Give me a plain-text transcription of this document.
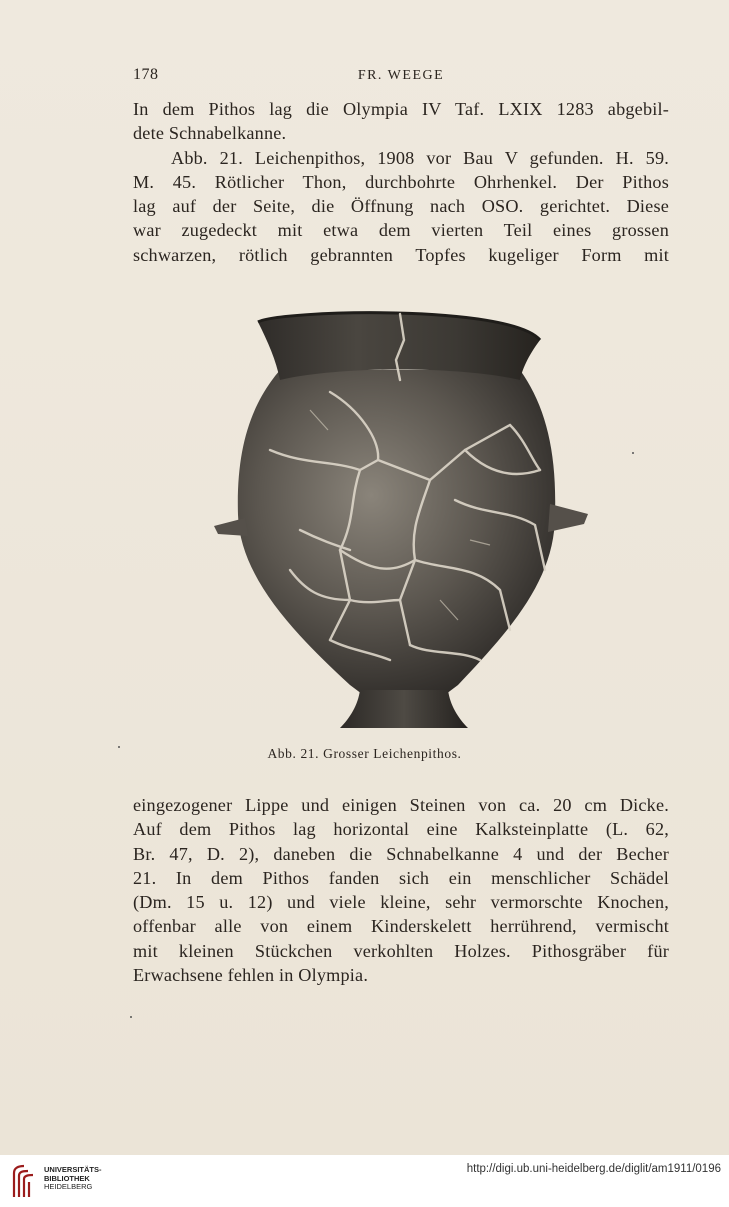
178	FR. WEEGE
In dem Pithos lag die Olympia IV Taf. LXIX 1283 abgebil-
dete Schnabelkanne.
Abb. 21. Leichenpithos, 1908 vor Bau V gefunden. H. 59.
M. 45. Rötlicher Thon, durchbohrte Ohrhenkel. Der Pithos
lag auf der Seite, die Öffnung nach OSO. gerichtet. Diese
war zugedeckt mit etwa dem vierten Teil eines grossen
schwarzen, rötlich gebrannten Topfes kugeliger Form mit
Abb. 21. Grosser Leichenpithos.
eingezogener Lippe und einigen Steinen von ca. 20 cm Dicke.
Auf dem Pithos lag horizontal eine Kalksteinplatte (L. 62,
Br. 47, D. 2), daneben die Schnabelkanne 4 und der Becher
21. In dem Pithos fanden sich ein menschlicher Schädel
(Dm. 15 u. 12) und viele kleine, sehr vermorschte Knochen,
offenbar alle von einem Kinderskelett herrührend, vermischt
mit kleinen Stückchen verkohlten Holzes. Pithosgräber für
Erwachsene fehlen in Olympia.
UNIVERSITÄTS-
BIBLIOTHEK
HEIDELBERG
http://digi.ub.uni-heidelberg.de/diglit/am1911/0196
